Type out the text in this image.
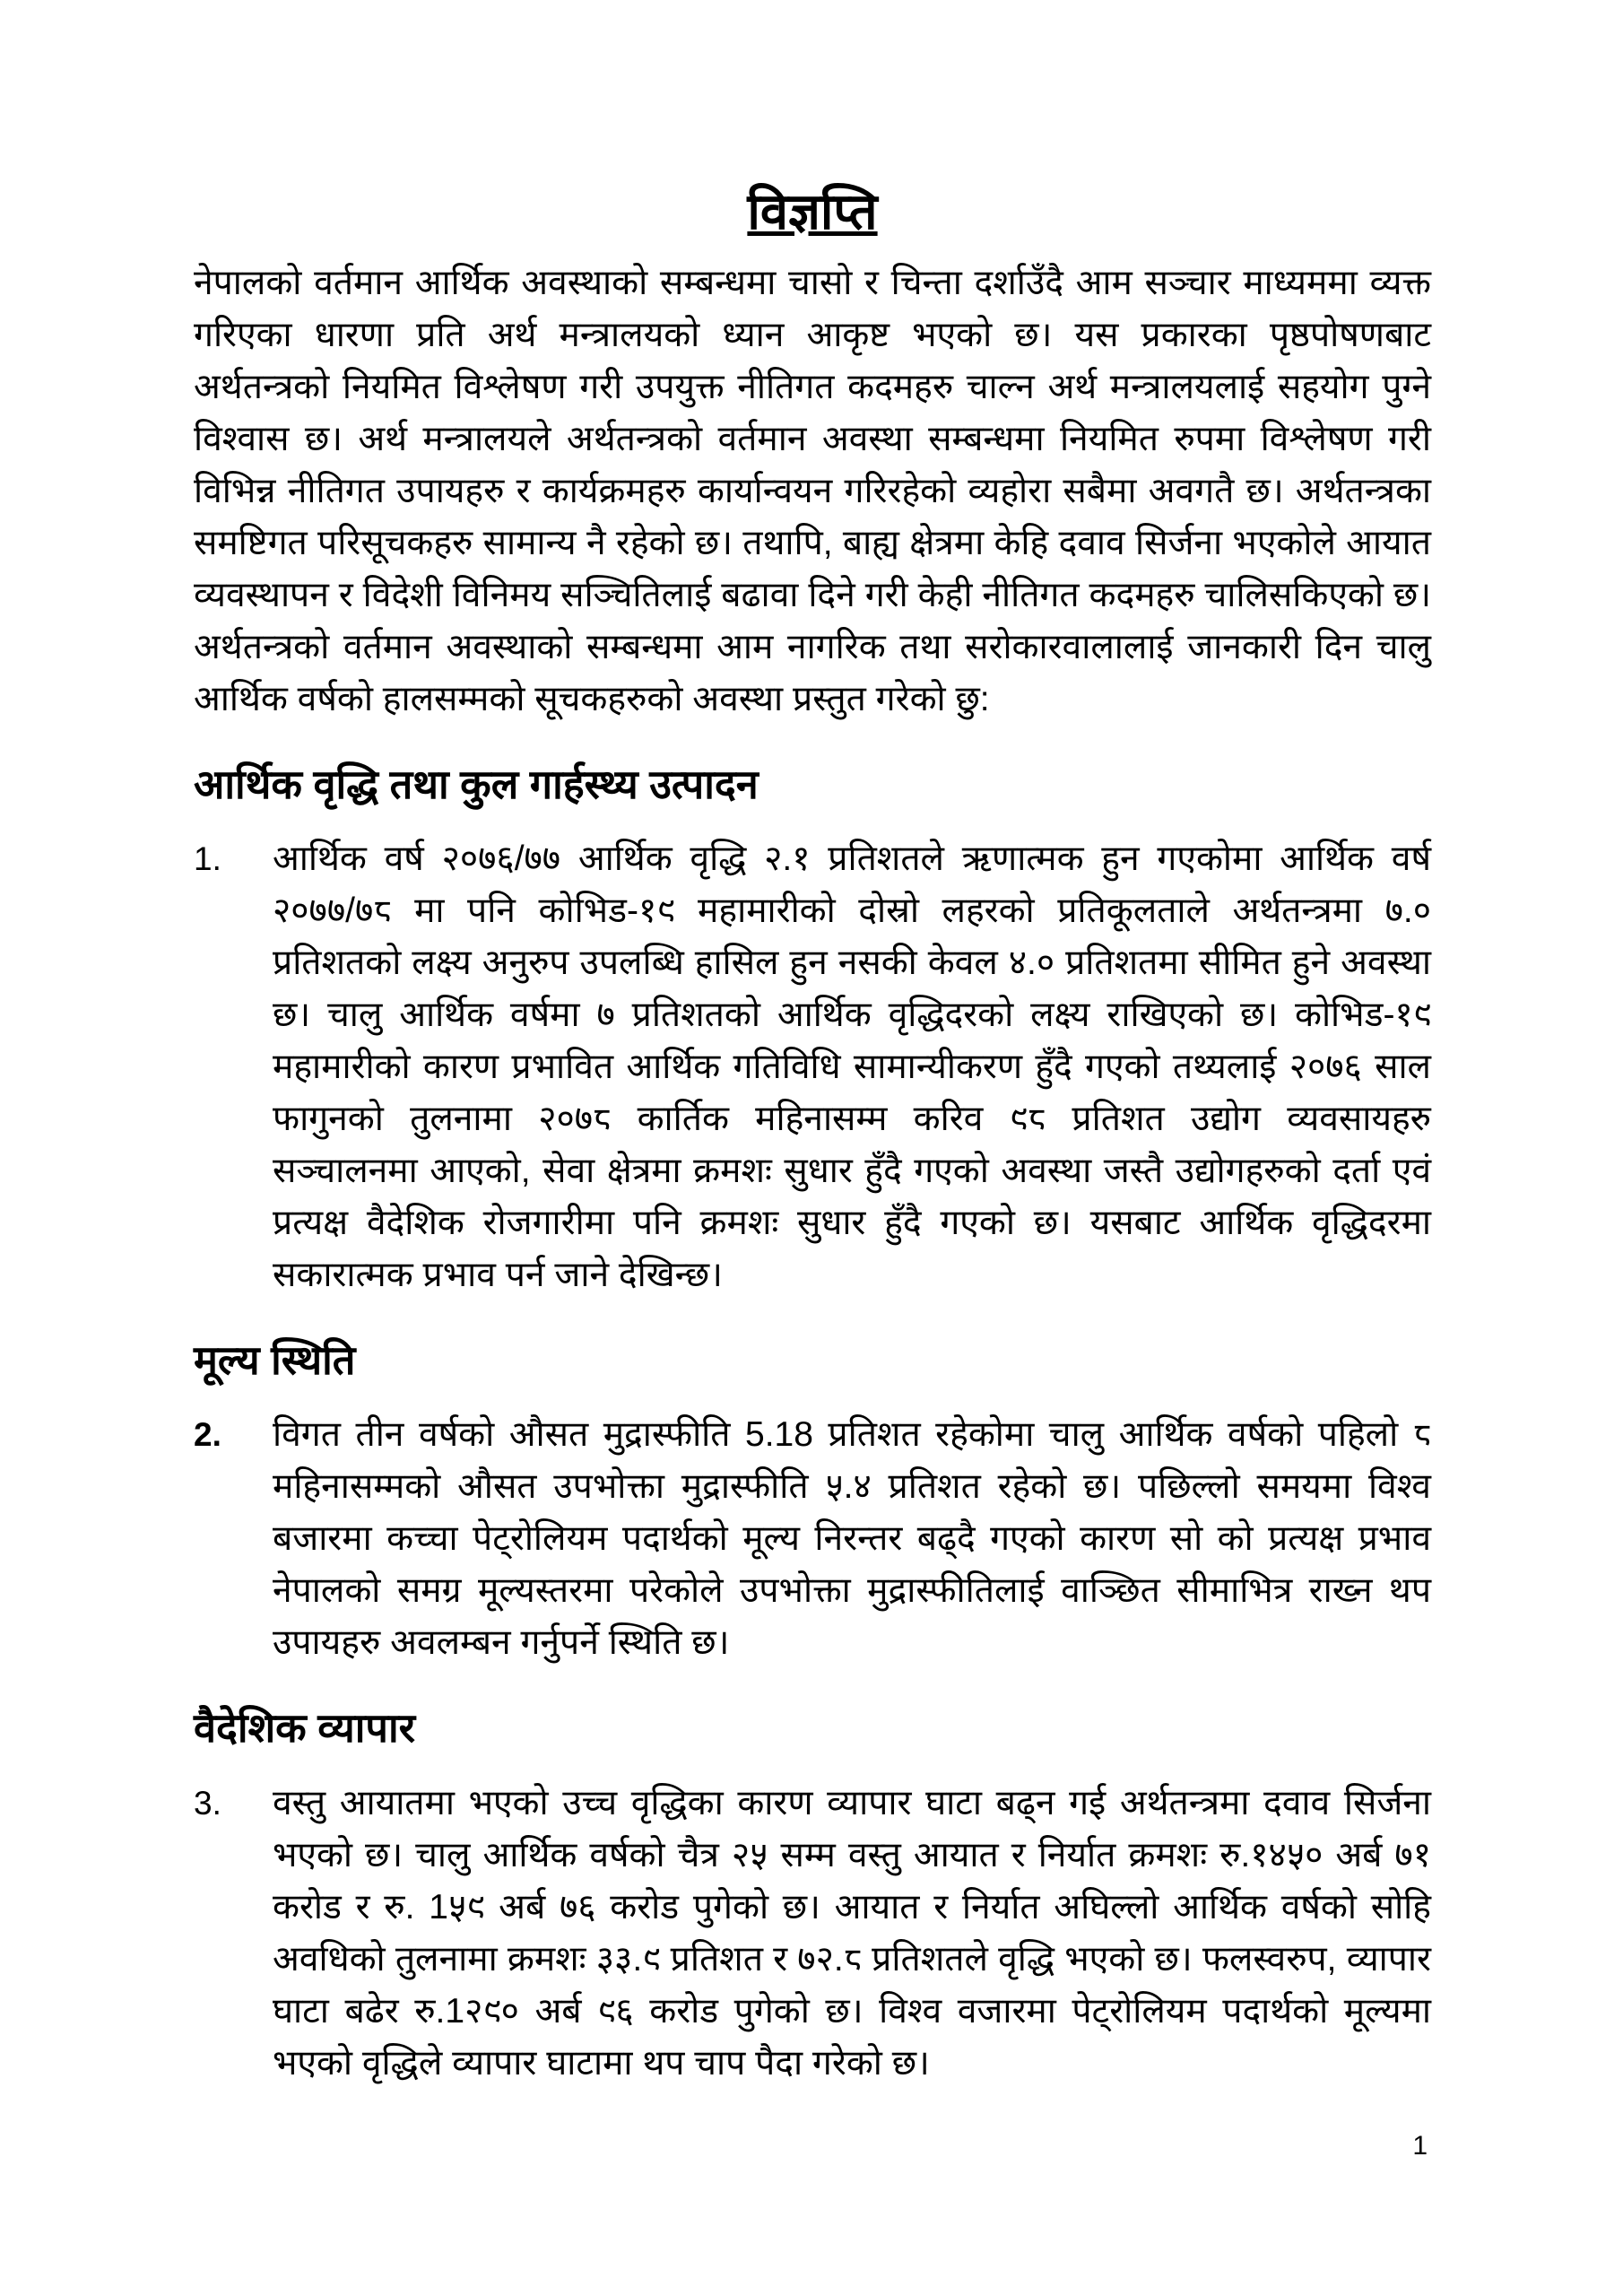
विज्ञप्ति

नेपालको वर्तमान आर्थिक अवस्थाको सम्बन्धमा चासो र चिन्ता दर्शाउँदै आम सञ्चार माध्यममा व्यक्त गरिएका धारणा प्रति अर्थ मन्त्रालयको ध्यान आकृष्ट भएको छ। यस प्रकारका पृष्ठपोषणबाट अर्थतन्त्रको नियमित विश्लेषण गरी उपयुक्त नीतिगत कदमहरु चाल्न अर्थ मन्त्रालयलाई सहयोग पुग्ने विश्वास छ। अर्थ मन्त्रालयले अर्थतन्त्रको वर्तमान अवस्था सम्बन्धमा नियमित रुपमा विश्लेषण गरी विभिन्न नीतिगत उपायहरु र कार्यक्रमहरु कार्यान्वयन गरिरहेको व्यहोरा सबैमा अवगतै छ। अर्थतन्त्रका समष्टिगत परिसूचकहरु सामान्य नै रहेको छ। तथापि, बाह्य क्षेत्रमा केहि दवाव सिर्जना भएकोले आयात व्यवस्थापन र विदेशी विनिमय सञ्चितिलाई बढावा दिने गरी केही नीतिगत कदमहरु चालिसकिएको छ। अर्थतन्त्रको वर्तमान अवस्थाको सम्बन्धमा आम नागरिक तथा सरोकारवालालाई जानकारी दिन चालु आर्थिक वर्षको हालसम्मको सूचकहरुको अवस्था प्रस्तुत गरेको छु:

आर्थिक वृद्धि तथा कुल गार्हस्थ्य उत्पादन
1.	आर्थिक वर्ष २०७६/७७ आर्थिक वृद्धि २.१ प्रतिशतले ऋणात्मक हुन गएकोमा आर्थिक वर्ष २०७७/७८ मा पनि कोभिड-१९ महामारीको दोस्रो लहरको प्रतिकूलताले अर्थतन्त्रमा ७.० प्रतिशतको लक्ष्य अनुरुप उपलब्धि हासिल हुन नसकी केवल ४.० प्रतिशतमा सीमित हुने अवस्था छ। चालु आर्थिक वर्षमा ७ प्रतिशतको आर्थिक वृद्धिदरको लक्ष्य राखिएको छ। कोभिड-१९ महामारीको कारण प्रभावित आर्थिक गतिविधि सामान्यीकरण हुँदै गएको तथ्यलाई २०७६ साल फागुनको तुलनामा २०७८ कार्तिक महिनासम्म करिव ९८ प्रतिशत उद्योग व्यवसायहरु सञ्चालनमा आएको, सेवा क्षेत्रमा क्रमशः सुधार हुँदै गएको अवस्था जस्तै उद्योगहरुको दर्ता एवं प्रत्यक्ष वैदेशिक रोजगारीमा पनि क्रमशः सुधार हुँदै गएको छ। यसबाट आर्थिक वृद्धिदरमा सकारात्मक प्रभाव पर्न जाने देखिन्छ।

मूल्य स्थिति
2.	विगत तीन वर्षको औसत मुद्रास्फीति 5.18 प्रतिशत रहेकोमा चालु आर्थिक वर्षको पहिलो ८ महिनासम्मको औसत उपभोक्ता मुद्रास्फीति ५.४ प्रतिशत रहेको छ। पछिल्लो समयमा विश्व बजारमा कच्चा पेट्रोलियम पदार्थको मूल्य निरन्तर बढ्दै गएको कारण सो को प्रत्यक्ष प्रभाव नेपालको समग्र मूल्यस्तरमा परेकोले उपभोक्ता मुद्रास्फीतिलाई वाञ्छित सीमाभित्र राख्न थप उपायहरु अवलम्बन गर्नुपर्ने स्थिति छ।

वैदेशिक व्यापार
3.	वस्तु आयातमा भएको उच्च वृद्धिका कारण व्यापार घाटा बढ्न गई अर्थतन्त्रमा दवाव सिर्जना भएको छ। चालु आर्थिक वर्षको चैत्र २५ सम्म वस्तु आयात र निर्यात क्रमशः रु.१४५० अर्ब ७१ करोड र रु. 1५९ अर्ब ७६ करोड पुगेको छ। आयात र निर्यात अघिल्लो आर्थिक वर्षको सोहि अवधिको तुलनामा क्रमशः ३३.९ प्रतिशत र ७२.८ प्रतिशतले वृद्धि भएको छ। फलस्वरुप, व्यापार घाटा बढेर रु.1२९० अर्ब ९६ करोड पुगेको छ। विश्व वजारमा पेट्रोलियम पदार्थको मूल्यमा भएको वृद्धिले व्यापार घाटामा थप चाप पैदा गरेको छ।

1
